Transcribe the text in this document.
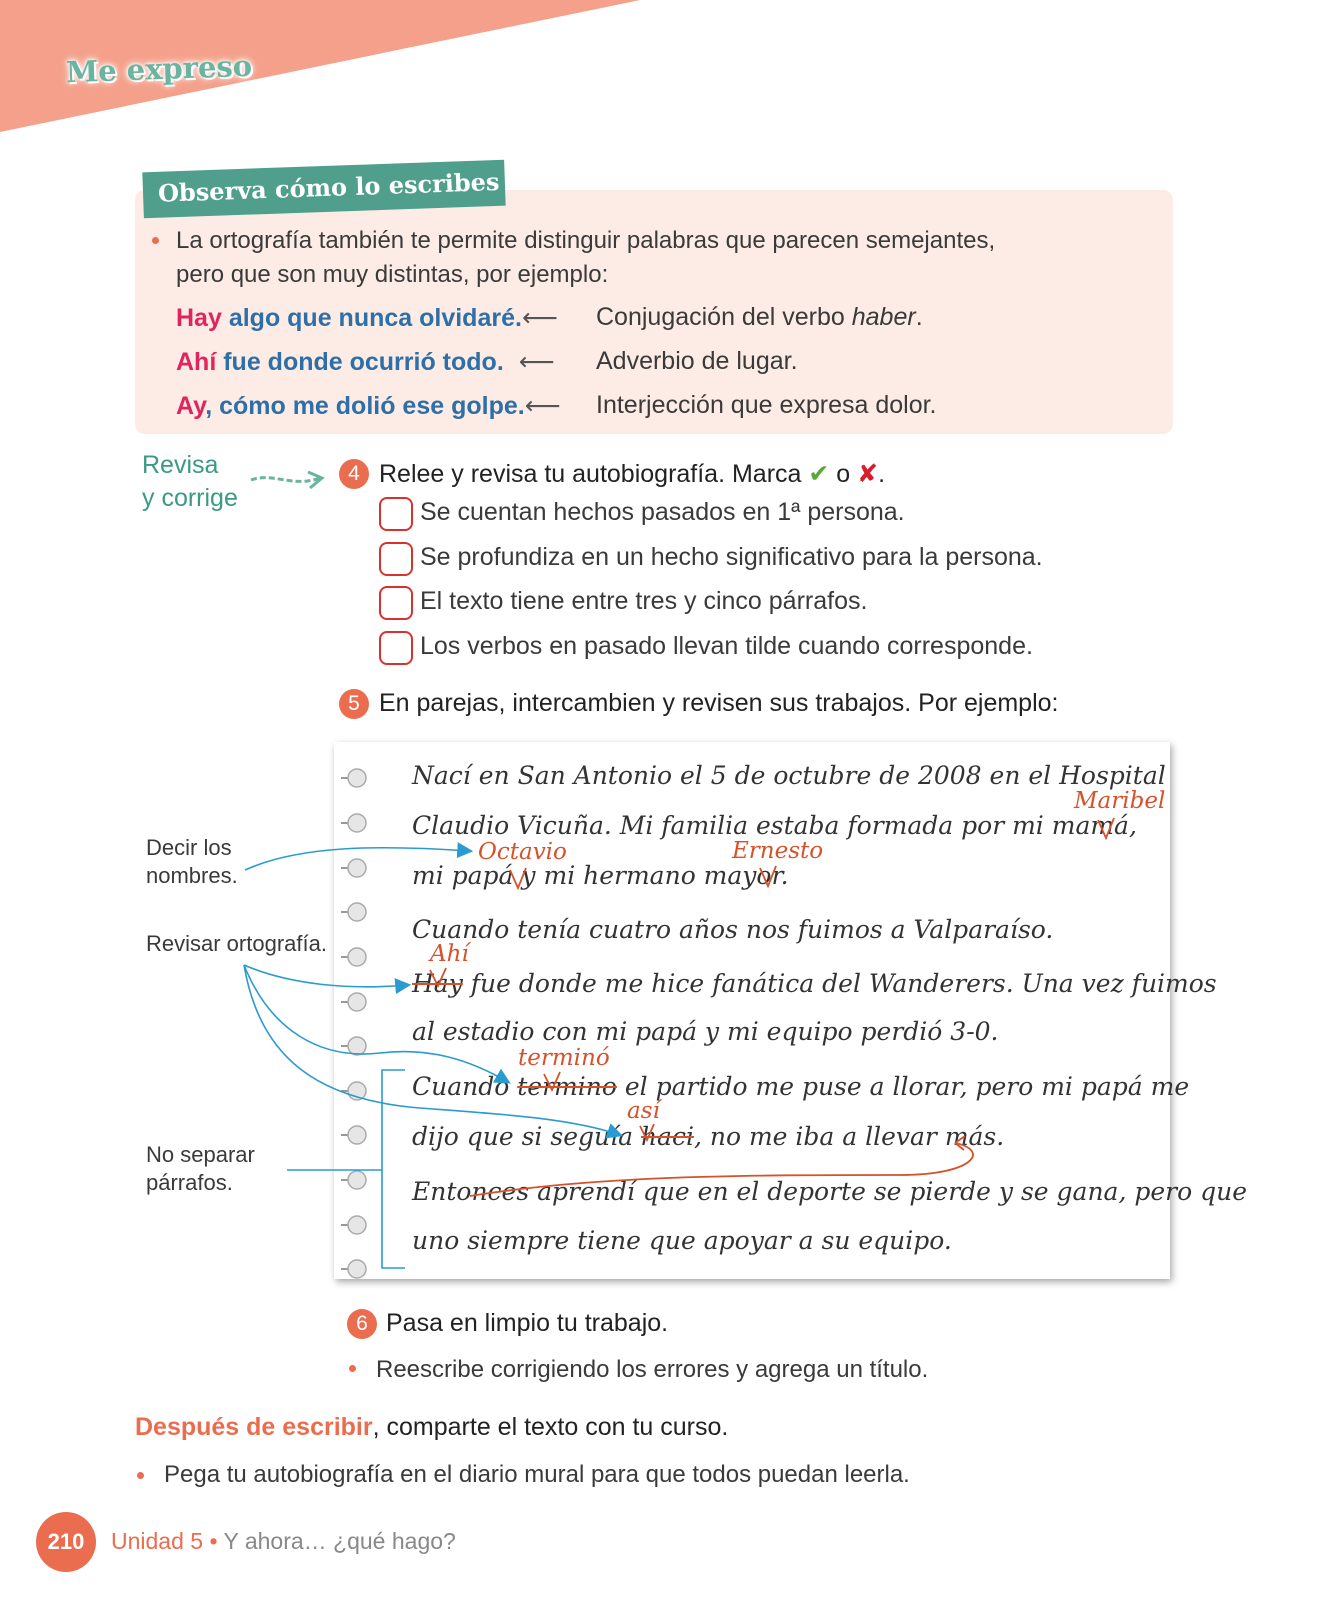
Me expreso
Observa cómo lo escribes
La ortografía también te permite distinguir palabras que parecen semejantes,
pero que son muy distintas, por ejemplo:
Hay algo que nunca olvidaré.⟵ Conjugación del verbo haber.
Ahí fue donde ocurrió todo. ⟵ Adverbio de lugar.
Ay, cómo me dolió ese golpe.⟵ Interjección que expresa dolor.
Revisa
y corrige
4 Relee y revisa tu autobiografía. Marca ✔ o ✘.
Se cuentan hechos pasados en 1ª persona.
Se profundiza en un hecho significativo para la persona.
El texto tiene entre tres y cinco párrafos.
Los verbos en pasado llevan tilde cuando corresponde.
5 En parejas, intercambien y revisen sus trabajos. Por ejemplo:
Nací en San Antonio el 5 de octubre de 2008 en el Hospital
Claudio Vicuña. Mi familia estaba formada por mi mamá,
mi papá y mi hermano mayor.
Cuando tenía cuatro años nos fuimos a Valparaíso.
Hay fue donde me hice fanática del Wanderers. Una vez fuimos
al estadio con mi papá y mi equipo perdió 3-0.
Cuando termino el partido me puse a llorar, pero mi papá me
dijo que si seguía haci, no me iba a llevar más.
Entonces aprendí que en el deporte se pierde y se gana, pero que
uno siempre tiene que apoyar a su equipo.
Maribel
Octavio	Ernesto
Ahí
terminó
así
Decir los
nombres.
Revisar ortografía.
No separar
párrafos.
6 Pasa en limpio tu trabajo.
Reescribe corrigiendo los errores y agrega un título.
Después de escribir, comparte el texto con tu curso.
Pega tu autobiografía en el diario mural para que todos puedan leerla.
210	Unidad 5 • Y ahora… ¿qué hago?
